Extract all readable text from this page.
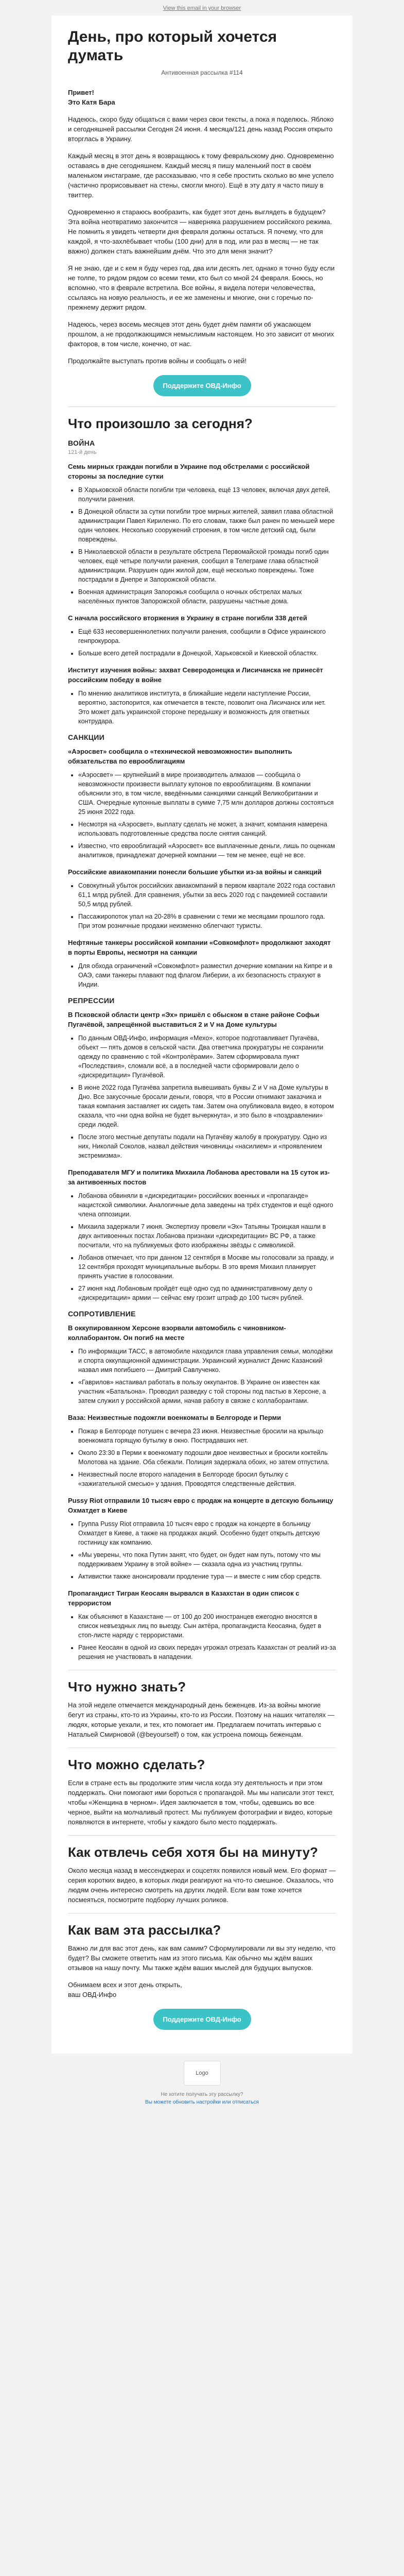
View this email in your browser
День, про который хочется думать
Антивоенная рассылка #114

Привет!
Это Катя Бара

Надеюсь, скоро буду общаться с вами через свои тексты, а пока я поделюсь. Яблоко и сегодняшней рассылки Сегодня 24 июня. 4 месяца/121 день назад Россия открыто вторглась в Украину.

Каждый месяц в этот день я возвращаюсь к тому февральскому дню. Одновременно оставаясь в дне сегодняшнем. Каждый месяц я пишу маленький пост в своём маленьком инстаграме, где рассказываю, что я себе простить сколько во мне успело (частично прорисовывает на стены, смогли много). Ещё в эту дату я часто пишу в твиттер.

Одновременно я стараюсь вообразить, как будет этот день выглядеть в будущем? Эта война неотвратимо закончится — наверняка разрушением российского режима. Не помнить я увидеть четверти дня февраля должны остаться. Я почему, что для каждой, я что-захлёбывает чтобы (100 дни) для в под, или раз в месяц — не так важно) должен стать важнейшим днём. Что это для меня значит?

Я не знаю, где и с кем я буду через год, два или десять лет, однако я точно буду если не толпе, то рядом рядом со всеми теми, кто был со мной 24 февраля. Боюсь, но вспомню, что в феврале встретила. Все войны, я видела потери человечества, ссылаясь на новую реальность, и ее же заменены и многие, они с горечью по-прежнему держит рядом.

Надеюсь, через восемь месяцев этот день будет днём памяти об ужасающем прошлом, а не продолжающимся немыслимым настоящем. Но это зависит от многих факторов, в том числе, конечно, от нас.

Продолжайте выступать против войны и сообщать о ней!

Поддержите ОВД-Инфо
Что произошло за сегодня?
ВОЙНА
121-й день
Семь мирных граждан погибли в Украине под обстрелами с российской стороны за последние сутки
• В Харьковской области погибли три человека, ещё 13 человек, включая двух детей, получили ранения.
• В Донецкой области за сутки погибли трое мирных жителей, заявил глава областной администрации Павел Кириленко. По его словам, также был ранен по меньшей мере один человек. Несколько сооружений строения, в том числе детский сад, были повреждены.
• В Николаевской области в результате обстрела Первомайской громады погиб один человек, ещё четыре получили ранения, сообщил в Телеграме глава областной администрации. Разрушен один жилой дом, ещё несколько повреждены. Тоже пострадали в Днепре и Запорожской области.
• Военная администрация Запорожья сообщила о ночных обстрелах малых населённых пунктов Запорожской области, разрушены частные дома.
С начала российского вторжения в Украину в стране погибли 338 детей
• Ещё 633 несовершеннолетних получили ранения, сообщили в Офисе украинского генпрокурора.
• Больше всего детей пострадали в Донецкой, Харьковской и Киевской областях.
Институт изучения войны: захват Северодонецка и Лисичанска не принесёт российским победу в войне
• По мнению аналитиков института, в ближайшие недели наступление России, вероятно, застопорится, как отмечается в тексте, позволит она Лисичанск или нет. Это может дать украинской стороне передышку и возможность для ответных контрудара.
САНКЦИИ
«Аэросвет» сообщила о «технической невозможности» выполнить обязательства по еврооблигациям
• «Аэросвет» — крупнейший в мире производитель алмазов — сообщила о невозможности произвести выплату купонов по еврооблигациям. В компании объяснили это, в том числе, введёнными санкциями санкций Великобритании и США. Очередные купонные выплаты в сумме 7,75 млн долларов должны состояться 25 июня 2022 года.
• Несмотря на «Аэросвет», выплату сделать не может, а значит, компания намерена использовать подготовленные средства после снятия санкций.
• Известно, что еврооблигаций «Аэросвет» все выплаченные деньги, лишь по оценкам аналитиков, принадлежат дочерней компании — тем не менее, ещё не все.
Российские авиакомпании понесли большие убытки из-за войны и санкций
• Совокупный убыток российских авиакомпаний в первом квартале 2022 года составил 61,1 млрд рублей. Для сравнения, убытки за весь 2020 год с пандемией составили 50,5 млрд рублей.
• Пассажиропоток упал на 20-28% в сравнении с теми же месяцами прошлого года. При этом розничные продажи неизменно облегчают туристы.
Нефтяные танкеры российской компании «Совкомфлот» продолжают заходят в порты Европы, несмотря на санкции
• Для обхода ограничений «Совкомфлот» разместил дочерние компании на Кипре и в ОАЭ, сами танкеры плавают под флагом Либерии, а их безопасность страхуют в Индии.
РЕПРЕССИИ
В Псковской области центр «Эх» пришёл с обыском в стане районе Софьи Пугачёвой, запрещённой выставиться 2 и V на Доме культуры
• По данным ОВД-Инфо, информация «Мехо», которое подготавливает Пугачёва, объект — пять домов в сельской части. Два ответчика прокуратуры не сохранили одежду по сравнению с той «Контролёрами». Затем сформировала пункт «Последствия», сломали всё, а в последней части сформировали дело о «дискредитации» Пугачёвой.
• В июне 2022 года Пугачёва запретила вывешивать буквы Z и V на Доме культуры в Дно. Все закусочные бросали деньги, говоря, что в России отнимают заказчика и такая компания заставляет их сидеть там. Затем она опубликовала видео, в котором сказала, что «ни одна война не будет вычеркнута», и это было в «поздравлении» среди людей.
• После этого местные депутаты подали на Пугачёву жалобу в прокуратуру. Одно из них, Николай Соколов, назвал действия чиновницы «насилием» и «проявлением экстремизма».
Преподавателя МГУ и политика Михаила Лобанова арестовали на 15 суток из-за антивоенных постов
• Лобанова обвиняли в «дискредитации» российских военных и «пропаганде» нацистской символики. Аналогичные дела заведены на трёх студентов и ещё одного члена оппозиции.
• Михаила задержали 7 июня. Экспертизу провели «Эх» Татьяны Троицкая нашли в двух антивоенных постах Лобанова признаки «дискредитации» ВС РФ, а также посчитали, что на публикуемых фото изображены звёзды с символикой.
• Лобанов отмечает, что при данном 12 сентября в Москве мы голосовали за правду, и 12 сентября проходят муниципальные выборы. В это время Михаил планирует принять участие в голосовании.
• 27 июня над Лобановым пройдёт ещё одно суд по административному делу о «дискредитации» армии — сейчас ему грозит штраф до 100 тысяч рублей.
СОПРОТИВЛЕНИЕ
В оккупированном Херсоне взорвали автомобиль с чиновником-коллаборантом. Он погиб на месте
• По информации ТАСС, в автомобиле находился глава управления семьи, молодёжи и спорта оккупационной администрации. Украинский журналист Денис Казанский назвал имя погибшего — Дмитрий Савлученко.
• «Гаврилов» настаивал работать в пользу оккупантов. В Украине он известен как участник «Батальона». Проводил разведку с той стороны под пастью в Херсоне, а затем служил у российской армии, начав работу в связке с коллаборантами.
Ваза: Неизвестные подожгли военкоматы в Белгороде и Перми
• Пожар в Белгороде потушен с вечера 23 июня. Неизвестные бросили на крыльцо военкомата горящую бутылку в окно. Пострадавших нет.
• Около 23:30 в Перми к военкомату подошли двое неизвестных и бросили коктейль Молотова на здание. Оба сбежали. Полиция задержала обоих, но затем отпустила.
• Неизвестный после второго нападения в Белгороде бросил бутылку с «зажигательной смесью» у здания. Проводятся следственные действия.
Pussy Riot отправили 10 тысяч евро с продаж на концерте в детскую больницу Охматдет в Киеве
• Группа Pussy Riot отправила 10 тысяч евро с продаж на концерте в больницу Охматдет в Киеве, а также на продажах акций. Особенно будет открыть детскую гостиницу как компанию.
• «Мы уверены, что пока Путин занят, что будет, он будет нам путь, потому что мы поддерживаем Украину в этой войне» — сказала одна из участниц группы.
• Активистки также анонсировали продление тура — и вместе с ним сбор средств.
Пропагандист Тигран Кеосаян вырвался в Казахстан в один список с террористом
• Как объясняют в Казахстане — от 100 до 200 иностранцев ежегодно вносятся в список невъездных лиц по выезду. Сын актёра, пропагандиста Кеосаяна, будет в стоп-листе наряду с террористами.
• Ранее Кеосаян в одной из своих передач угрожал отрезать Казахстан от реалий из-за решения не участвовать в нападении.
Что нужно знать?

На этой неделе отмечается международный день беженцев. Из-за войны многие бегут из страны, кто-то из Украины, кто-то из России. Поэтому на наших читателях — людях, которые уехали, и тех, кто помогает им. Предлагаем почитать интервью с Натальей Смирновой (@beyourself) о том, как устроена помощь беженцам.

Что можно сделать?

Если в стране есть вы продолжите этим числа когда эту деятельность и при этом поддержать. Они помогают ими бороться с пропагандой. Мы мы написали этот текст, чтобы «Женщина в черном». Идея заключается в том, чтобы, одевшись во все черное, выйти на молчаливый протест. Мы публикуем фотографии и видео, которые появляются в интернете, чтобы у каждого было место поддержать.

Как отвлечь себя хотя бы на минуту?

Около месяца назад в мессенджерах и соцсетях появился новый мем. Его формат — серия коротких видео, в которых люди реагируют на что-то смешное. Оказалось, что людям очень интересно смотреть на других людей. Если вам тоже хочется посмеяться, посмотрите подборку лучших роликов.

Как вам эта рассылка?

Важно ли для вас этот день, как вам самим? Сформулировали ли вы эту неделю, что будет? Вы сможете ответить нам из этого письма. Как обычно мы ждём ваших отзывов на нашу почту. Мы также ждём ваших мыслей для будущих выпусков.

Обнимаем всех и этот день открыть,
ваш ОВД-Инфо

Поддержите ОВД-Инфо
Logo
Не хотите получать эту рассылку?
Вы можете обновить настройки или отписаться
